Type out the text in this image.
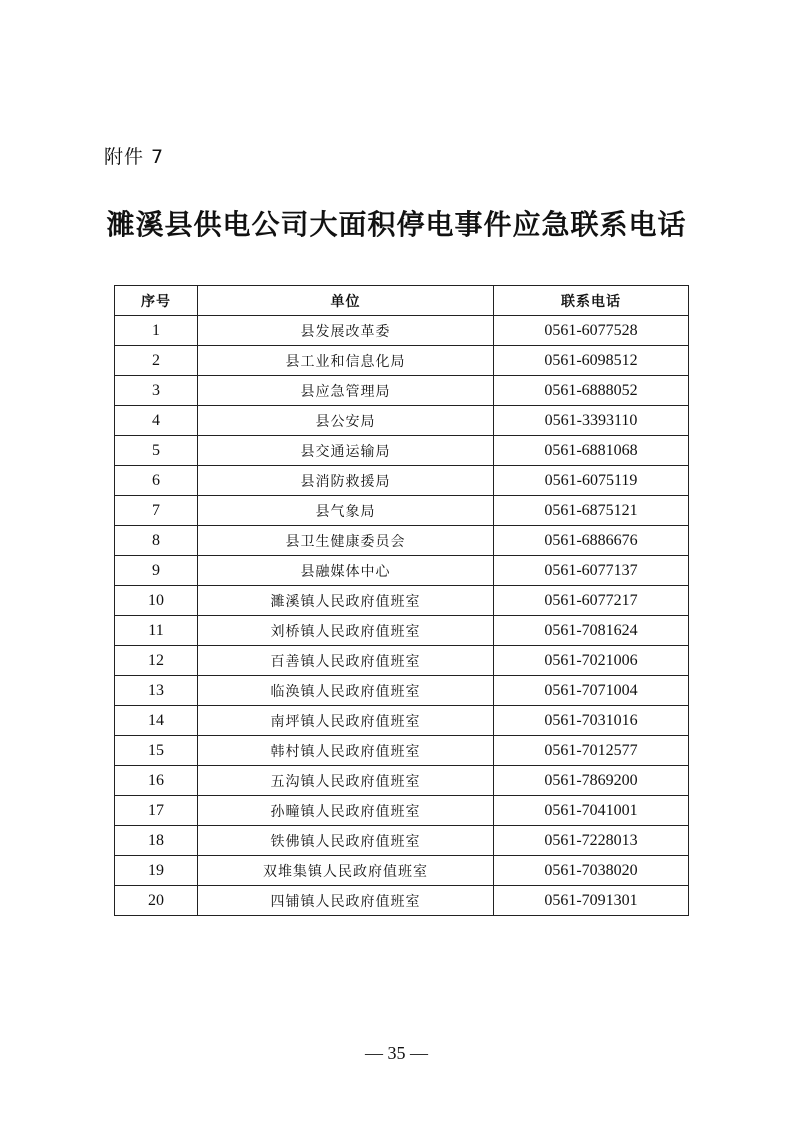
附件 7
濉溪县供电公司大面积停电事件应急联系电话
序号	单位	联系电话
1	县发展改革委	0561-6077528
2	县工业和信息化局	0561-6098512
3	县应急管理局	0561-6888052
4	县公安局	0561-3393110
5	县交通运输局	0561-6881068
6	县消防救援局	0561-6075119
7	县气象局	0561-6875121
8	县卫生健康委员会	0561-6886676
9	县融媒体中心	0561-6077137
10	濉溪镇人民政府值班室	0561-6077217
11	刘桥镇人民政府值班室	0561-7081624
12	百善镇人民政府值班室	0561-7021006
13	临涣镇人民政府值班室	0561-7071004
14	南坪镇人民政府值班室	0561-7031016
15	韩村镇人民政府值班室	0561-7012577
16	五沟镇人民政府值班室	0561-7869200
17	孙疃镇人民政府值班室	0561-7041001
18	铁佛镇人民政府值班室	0561-7228013
19	双堆集镇人民政府值班室	0561-7038020
20	四铺镇人民政府值班室	0561-7091301
— 35 —
